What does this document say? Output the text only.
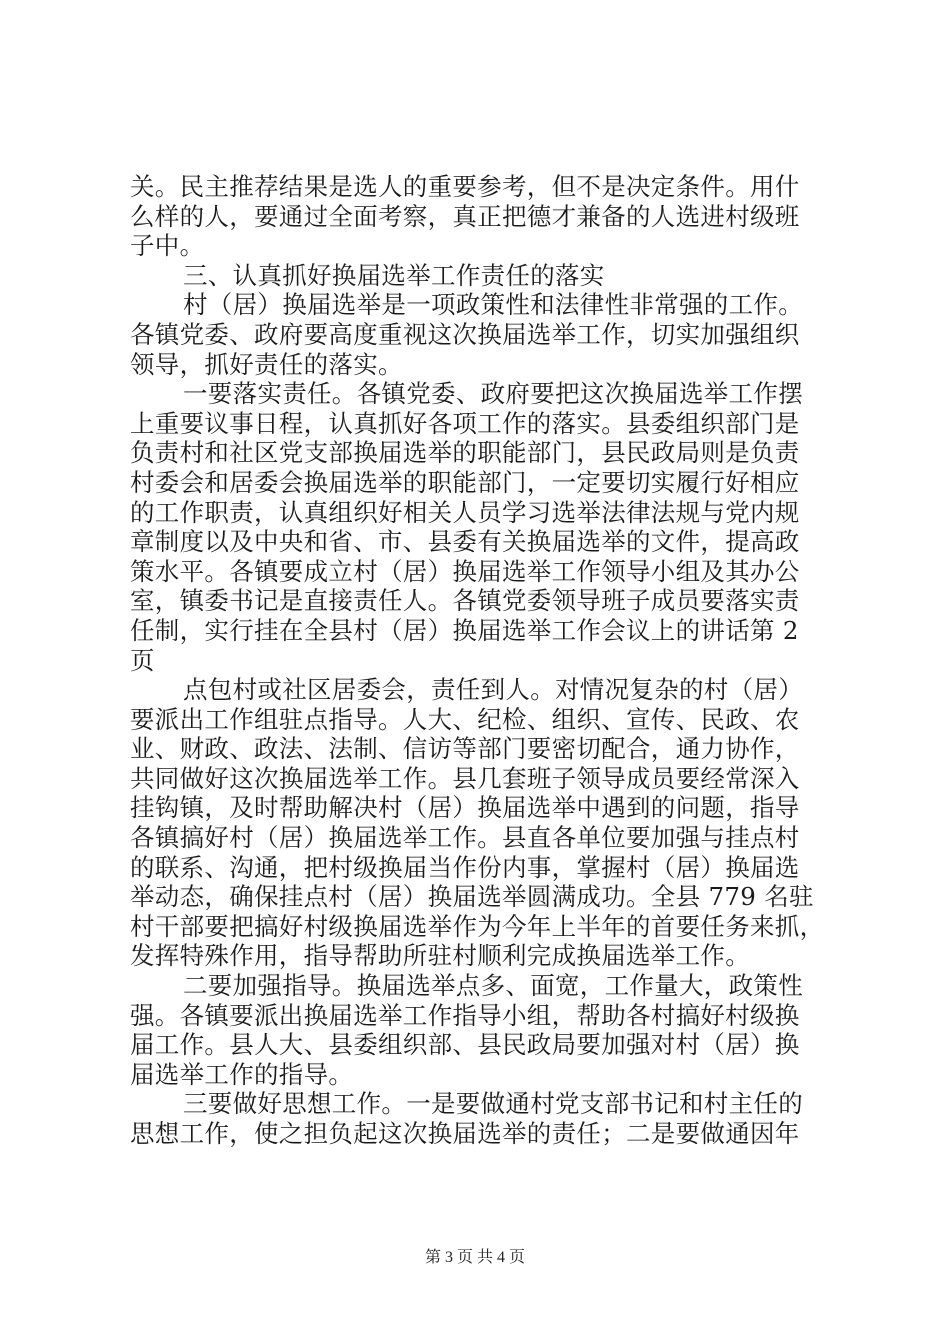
关。民主推荐结果是选人的重要参考，但不是决定条件。用什
么样的人，要通过全面考察，真正把德才兼备的人选进村级班
子中。
三、认真抓好换届选举工作责任的落实
村（居）换届选举是一项政策性和法律性非常强的工作。
各镇党委、政府要高度重视这次换届选举工作，切实加强组织
领导，抓好责任的落实。
一要落实责任。各镇党委、政府要把这次换届选举工作摆
上重要议事日程，认真抓好各项工作的落实。县委组织部门是
负责村和社区党支部换届选举的职能部门，县民政局则是负责
村委会和居委会换届选举的职能部门，一定要切实履行好相应
的工作职责，认真组织好相关人员学习选举法律法规与党内规
章制度以及中央和省、市、县委有关换届选举的文件，提高政
策水平。各镇要成立村（居）换届选举工作领导小组及其办公
室，镇委书记是直接责任人。各镇党委领导班子成员要落实责
任制，实行挂在全县村（居）换届选举工作会议上的讲话第 2
页
点包村或社区居委会，责任到人。对情况复杂的村（居）
要派出工作组驻点指导。人大、纪检、组织、宣传、民政、农
业、财政、政法、法制、信访等部门要密切配合，通力协作，
共同做好这次换届选举工作。县几套班子领导成员要经常深入
挂钩镇，及时帮助解决村（居）换届选举中遇到的问题，指导
各镇搞好村（居）换届选举工作。县直各单位要加强与挂点村
的联系、沟通，把村级换届当作份内事，掌握村（居）换届选
举动态，确保挂点村（居）换届选举圆满成功。全县 779 名驻
村干部要把搞好村级换届选举作为今年上半年的首要任务来抓，
发挥特殊作用，指导帮助所驻村顺利完成换届选举工作。
二要加强指导。换届选举点多、面宽，工作量大，政策性
强。各镇要派出换届选举工作指导小组，帮助各村搞好村级换
届工作。县人大、县委组织部、县民政局要加强对村（居）换
届选举工作的指导。
三要做好思想工作。一是要做通村党支部书记和村主任的
思想工作，使之担负起这次换届选举的责任；二是要做通因年
第 3 页 共 4 页
